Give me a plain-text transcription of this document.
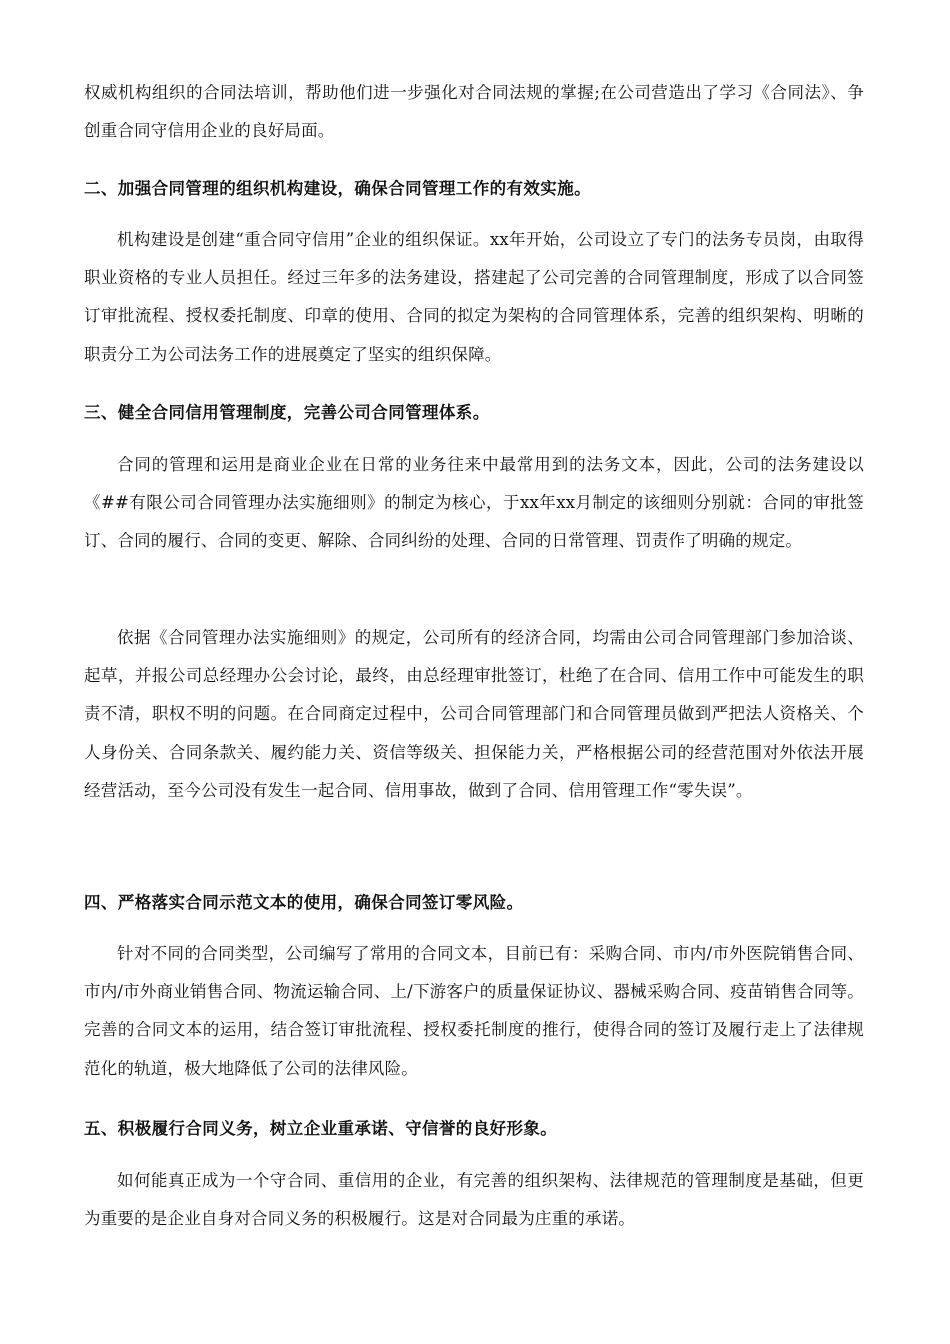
权威机构组织的合同法培训，帮助他们进一步强化对合同法规的掌握;在公司营造出了学习《合同法》、争创重合同守信用企业的良好局面。

二、加强合同管理的组织机构建设，确保合同管理工作的有效实施。

机构建设是创建“重合同守信用”企业的组织保证。xx年开始，公司设立了专门的法务专员岗，由取得职业资格的专业人员担任。经过三年多的法务建设，搭建起了公司完善的合同管理制度，形成了以合同签订审批流程、授权委托制度、印章的使用、合同的拟定为架构的合同管理体系，完善的组织架构、明晰的职责分工为公司法务工作的进展奠定了坚实的组织保障。

三、健全合同信用管理制度，完善公司合同管理体系。

合同的管理和运用是商业企业在日常的业务往来中最常用到的法务文本，因此，公司的法务建设以《##有限公司合同管理办法实施细则》的制定为核心，于xx年xx月制定的该细则分别就：合同的审批签订、合同的履行、合同的变更、解除、合同纠纷的处理、合同的日常管理、罚责作了明确的规定。

依据《合同管理办法实施细则》的规定，公司所有的经济合同，均需由公司合同管理部门参加洽谈、起草，并报公司总经理办公会讨论，最终，由总经理审批签订，杜绝了在合同、信用工作中可能发生的职责不清，职权不明的问题。在合同商定过程中，公司合同管理部门和合同管理员做到严把法人资格关、个人身份关、合同条款关、履约能力关、资信等级关、担保能力关，严格根据公司的经营范围对外依法开展经营活动，至今公司没有发生一起合同、信用事故，做到了合同、信用管理工作“零失误”。

四、严格落实合同示范文本的使用，确保合同签订零风险。

针对不同的合同类型，公司编写了常用的合同文本，目前已有：采购合同、市内/市外医院销售合同、市内/市外商业销售合同、物流运输合同、上/下游客户的质量保证协议、器械采购合同、疫苗销售合同等。完善的合同文本的运用，结合签订审批流程、授权委托制度的推行，使得合同的签订及履行走上了法律规范化的轨道，极大地降低了公司的法律风险。

五、积极履行合同义务，树立企业重承诺、守信誉的良好形象。

如何能真正成为一个守合同、重信用的企业，有完善的组织架构、法律规范的管理制度是基础，但更为重要的是企业自身对合同义务的积极履行。这是对合同最为庄重的承诺。
